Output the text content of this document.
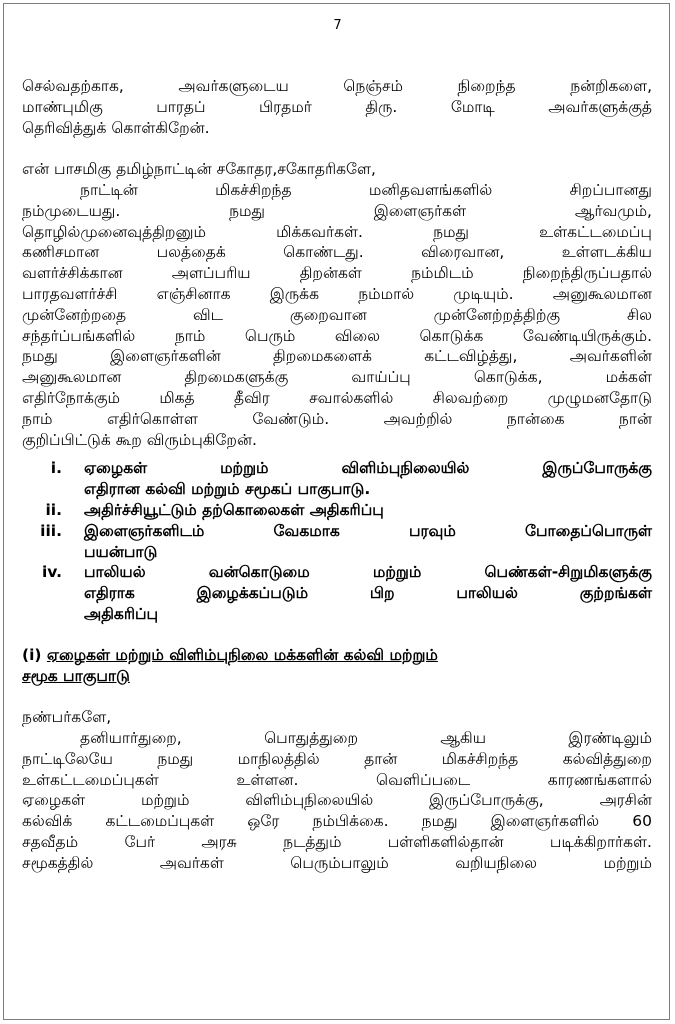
7
செல்வதற்காக,	அவர்களுடைய	நெஞ்சம்	நிறைந்த	நன்றிகளை,
மாண்புமிகு	பாரதப்	பிரதமர்	திரு.	மோடி	அவர்களுக்குத்
தெரிவித்துக் கொள்கிறேன்.
என் பாசமிகு தமிழ்நாட்டின் சகோதர,சகோதரிகளே,
நாட்டின்	மிகச்சிறந்த	மனிதவளங்களில்	சிறப்பானது
நம்முடையது.	நமது	இளைஞர்கள்	ஆர்வமும்,
தொழில்முனைவுத்திறனும்	மிக்கவர்கள்.	நமது	உள்கட்டமைப்பு
கணிசமான	பலத்தைக்	கொண்டது.	விரைவான,	உள்ளடக்கிய
வளர்ச்சிக்கான	அளப்பரிய	திறன்கள்	நம்மிடம்	நிறைந்திருப்பதால்
பாரதவளர்ச்சி	எஞ்சினாக	இருக்க	நம்மால்	முடியும்.	அனுகூலமான
முன்னேற்றதை	விட	குறைவான	முன்னேற்றத்திற்கு	சில
சந்தர்ப்பங்களில்	நாம்	பெரும்	விலை	கொடுக்க	வேண்டியிருக்கும்.
நமது	இளைஞர்களின்	திறமைகளைக்	கட்டவிழ்த்து,	அவர்களின்
அனுகூலமான	திறமைகளுக்கு	வாய்ப்பு	கொடுக்க,	மக்கள்
எதிர்நோக்கும்	மிகத்	தீவிர	சவால்களில்	சிலவற்றை	முழுமனதோடு
நாம்	எதிர்கொள்ள	வேண்டும்.	அவற்றில்	நான்கை	நான்
குறிப்பிட்டுக் கூற விரும்புகிறேன்.
i. ஏழைகள்	மற்றும்	விளிம்புநிலையில்	இருப்போருக்கு
எதிரான கல்வி மற்றும் சமூகப் பாகுபாடு.
ii. அதிர்ச்சியூட்டும் தற்கொலைகள் அதிகரிப்பு
iii. இளைஞர்களிடம்	வேகமாக	பரவும்	போதைப்பொருள்
பயன்பாடு
iv. பாலியல்	வன்கொடுமை	மற்றும்	பெண்கள்-சிறுமிகளுக்கு
எதிராக	இழைக்கப்படும்	பிற	பாலியல்	குற்றங்கள்
அதிகரிப்பு
(i) ஏழைகள் மற்றும் விளிம்புநிலை மக்களின் கல்வி மற்றும்
சமூக பாகுபாடு
நண்பர்களே,
தனியார்துறை,	பொதுத்துறை	ஆகிய	இரண்டிலும்
நாட்டிலேயே	நமது	மாநிலத்தில்	தான்	மிகச்சிறந்த	கல்வித்துறை
உள்கட்டமைப்புகள்	உள்ளன.	வெளிப்படை	காரணங்களால்
ஏழைகள்	மற்றும்	விளிம்புநிலையில்	இருப்போருக்கு,	அரசின்
கல்விக் கட்டமைப்புகள் ஒரே நம்பிக்கை. நமது இளைஞர்களில் 60
சதவீதம்	பேர்	அரசு	நடத்தும்	பள்ளிகளில்தான்	படிக்கிறார்கள்.
சமூகத்தில்	அவர்கள்	பெரும்பாலும்	வறியநிலை	மற்றும்
